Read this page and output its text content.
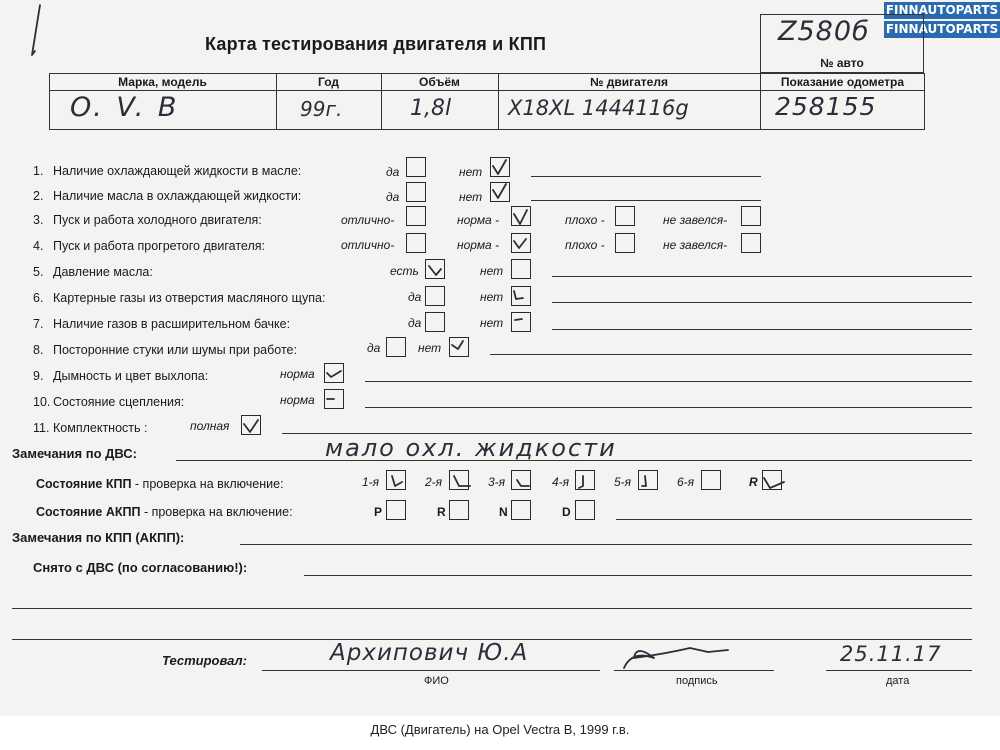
FINNAUTOPARTS
FINNAUTOPARTS
Карта тестирования двигателя и КПП	Z580б
№ авто
Марка, модель	Год	Объём	№ двигателя	Показание одометра
O. V. B	99г.	1,8l	X18XL 1444116g	258155
1. Наличие охлаждающей жидкости в масле:	да	нет
2. Наличие масла в охлаждающей жидкости:	да	нет
3. Пуск и работа холодного двигателя:	отлично-	норма -	плохо -	не завелся-
4. Пуск и работа прогретого двигателя:	отлично-	норма -	плохо -	не завелся-
5. Давление масла:	есть	нет
6. Картерные газы из отверстия масляного щупа:	да	нет
7. Наличие газов в расширительном бачке:	да	нет
8. Посторонние стуки или шумы при работе:	да	нет
9. Дымность и цвет выхлопа:	норма
10. Состояние сцепления:	норма
11. Комплектность :	полная
Замечания по ДВС:	мало охл. жидкости
Состояние КПП - проверка на включение:	1-я	2-я	3-я	4-я	5-я	6-я	R
Состояние АКПП - проверка на включение:	P	R	N	D
Замечания по КПП (АКПП):
Снято с ДВС (по согласованию!):
Тестировал:	Архипович Ю.А	25.11.17
ФИО	подпись	дата
ДВС (Двигатель) на Opel Vectra B, 1999 г.в.
